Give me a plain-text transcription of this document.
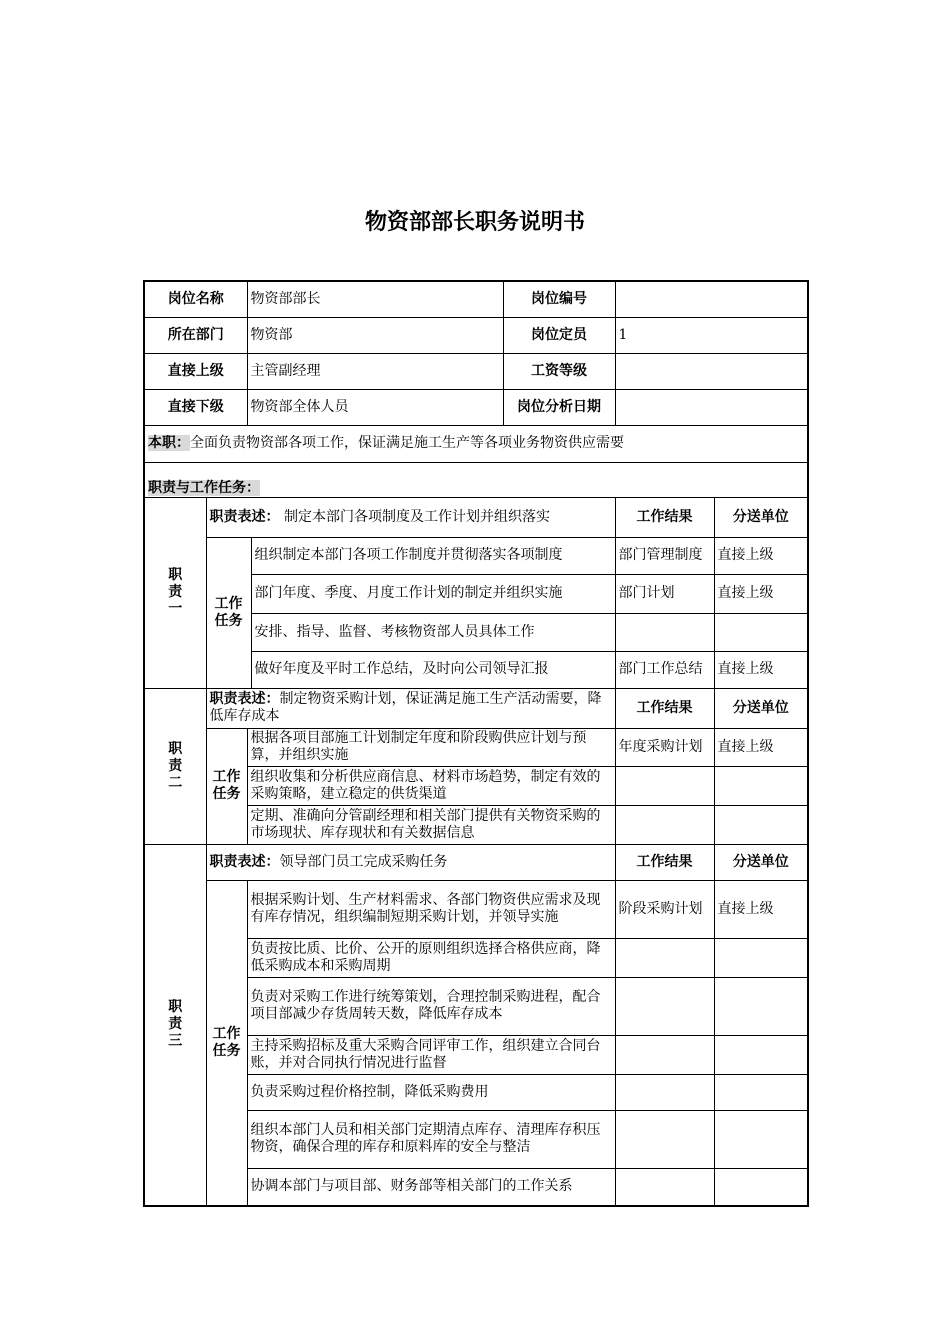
物资部部长职务说明书
岗位名称		物资部部长		岗位编号		
所在部门		物资部		岗位定员	1	
直接上级		主管副经理		工资等级		
直接下级		物资部全体人员		岗位分析日期		
本职：全面负责物资部各项工作，保证满足施工生产等各项业务物资供应需要						
职责与工作任务：						
职
责
一	职责表述： 制定本部门各项制度及工作计划并组织落实				工作结果	分送单位
	工作
任务		组织制定本部门各项工作制度并贯彻落实各项制度		部门管理制度	直接上级
			部门年度、季度、月度工作计划的制定并组织实施		部门计划	直接上级
			安排、指导、监督、考核物资部人员具体工作			
			做好年度及平时工作总结，及时向公司领导汇报		部门工作总结	直接上级
职
责
二	职责表述：制定物资采购计划，保证满足施工生产活动需要，降低库存成本				工作结果	分送单位
	工作
任务	根据各项目部施工计划制定年度和阶段购供应计划与预算，并组织实施			年度采购计划	直接上级
		组织收集和分析供应商信息、材料市场趋势，制定有效的采购策略，建立稳定的供货渠道				
		定期、准确向分管副经理和相关部门提供有关物资采购的市场现状、库存现状和有关数据信息				
职
责
三	职责表述：领导部门员工完成采购任务				工作结果	分送单位
	工作
任务	根据采购计划、生产材料需求、各部门物资供应需求及现有库存情况，组织编制短期采购计划，并领导实施			阶段采购计划	直接上级
		负责按比质、比价、公开的原则组织选择合格供应商，降低采购成本和采购周期				
		负责对采购工作进行统筹策划，合理控制采购进程，配合项目部减少存货周转天数，降低库存成本				
		主持采购招标及重大采购合同评审工作，组织建立合同台账，并对合同执行情况进行监督				
		负责采购过程价格控制，降低采购费用				
		组织本部门人员和相关部门定期清点库存、清理库存积压物资，确保合理的库存和原料库的安全与整洁				
		协调本部门与项目部、财务部等相关部门的工作关系				
